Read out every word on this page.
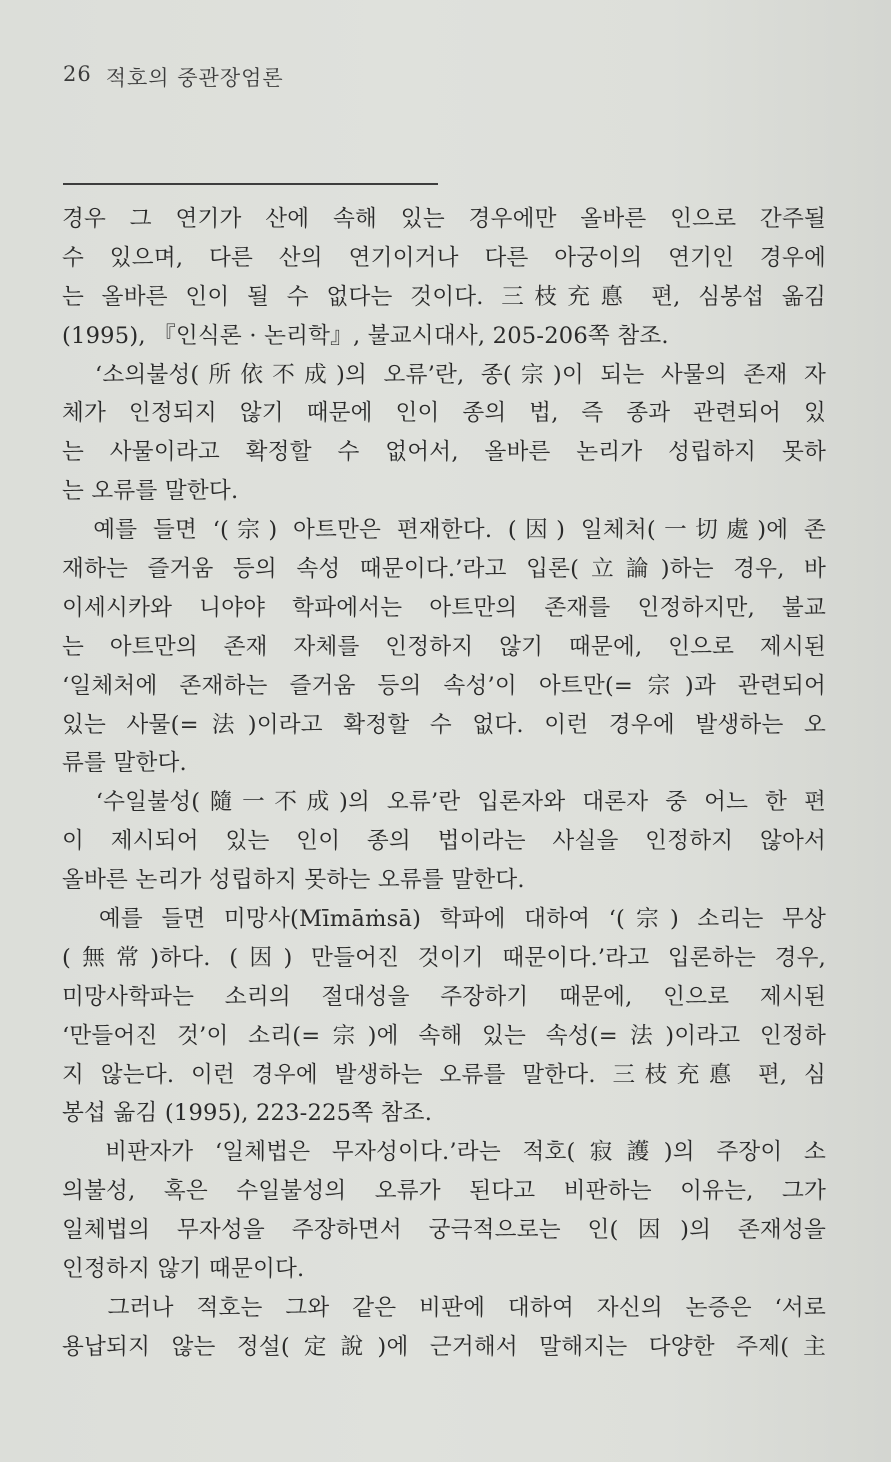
26 적호의 중관장엄론
경우 그 연기가 산에 속해 있는 경우에만 올바른 인으로 간주될
수 있으며, 다른 산의 연기이거나 다른 아궁이의 연기인 경우에
는 올바른 인이 될 수 없다는 것이다. 三枝充悳 편, 심봉섭 옮김
(1995), 『인식론 · 논리학』, 불교시대사, 205-206쪽 참조.
‘소의불성(所依不成)의 오류’란, 종(宗)이 되는 사물의 존재 자
체가 인정되지 않기 때문에 인이 종의 법, 즉 종과 관련되어 있
는 사물이라고 확정할 수 없어서, 올바른 논리가 성립하지 못하
는 오류를 말한다.
예를 들면 ‘(宗) 아트만은 편재한다. (因) 일체처(一切處)에 존
재하는 즐거움 등의 속성 때문이다.’라고 입론(立論)하는 경우, 바
이세시카와 니야야 학파에서는 아트만의 존재를 인정하지만, 불교
는 아트만의 존재 자체를 인정하지 않기 때문에, 인으로 제시된
‘일체처에 존재하는 즐거움 등의 속성’이 아트만(=宗)과 관련되어
있는 사물(=法)이라고 확정할 수 없다. 이런 경우에 발생하는 오
류를 말한다.
‘수일불성(隨一不成)의 오류’란 입론자와 대론자 중 어느 한 편
이 제시되어 있는 인이 종의 법이라는 사실을 인정하지 않아서
올바른 논리가 성립하지 못하는 오류를 말한다.
예를 들면 미망사(Mīmāṁsā) 학파에 대하여 ‘(宗) 소리는 무상
(無常)하다. (因) 만들어진 것이기 때문이다.’라고 입론하는 경우,
미망사학파는 소리의 절대성을 주장하기 때문에, 인으로 제시된
‘만들어진 것’이 소리(=宗)에 속해 있는 속성(=法)이라고 인정하
지 않는다. 이런 경우에 발생하는 오류를 말한다. 三枝充悳 편, 심
봉섭 옮김 (1995), 223-225쪽 참조.
비판자가 ‘일체법은 무자성이다.’라는 적호(寂護)의 주장이 소
의불성, 혹은 수일불성의 오류가 된다고 비판하는 이유는, 그가
일체법의 무자성을 주장하면서 궁극적으로는 인(因)의 존재성을
인정하지 않기 때문이다.
그러나 적호는 그와 같은 비판에 대하여 자신의 논증은 ‘서로
용납되지 않는 정설(定說)에 근거해서 말해지는 다양한 주제(主
